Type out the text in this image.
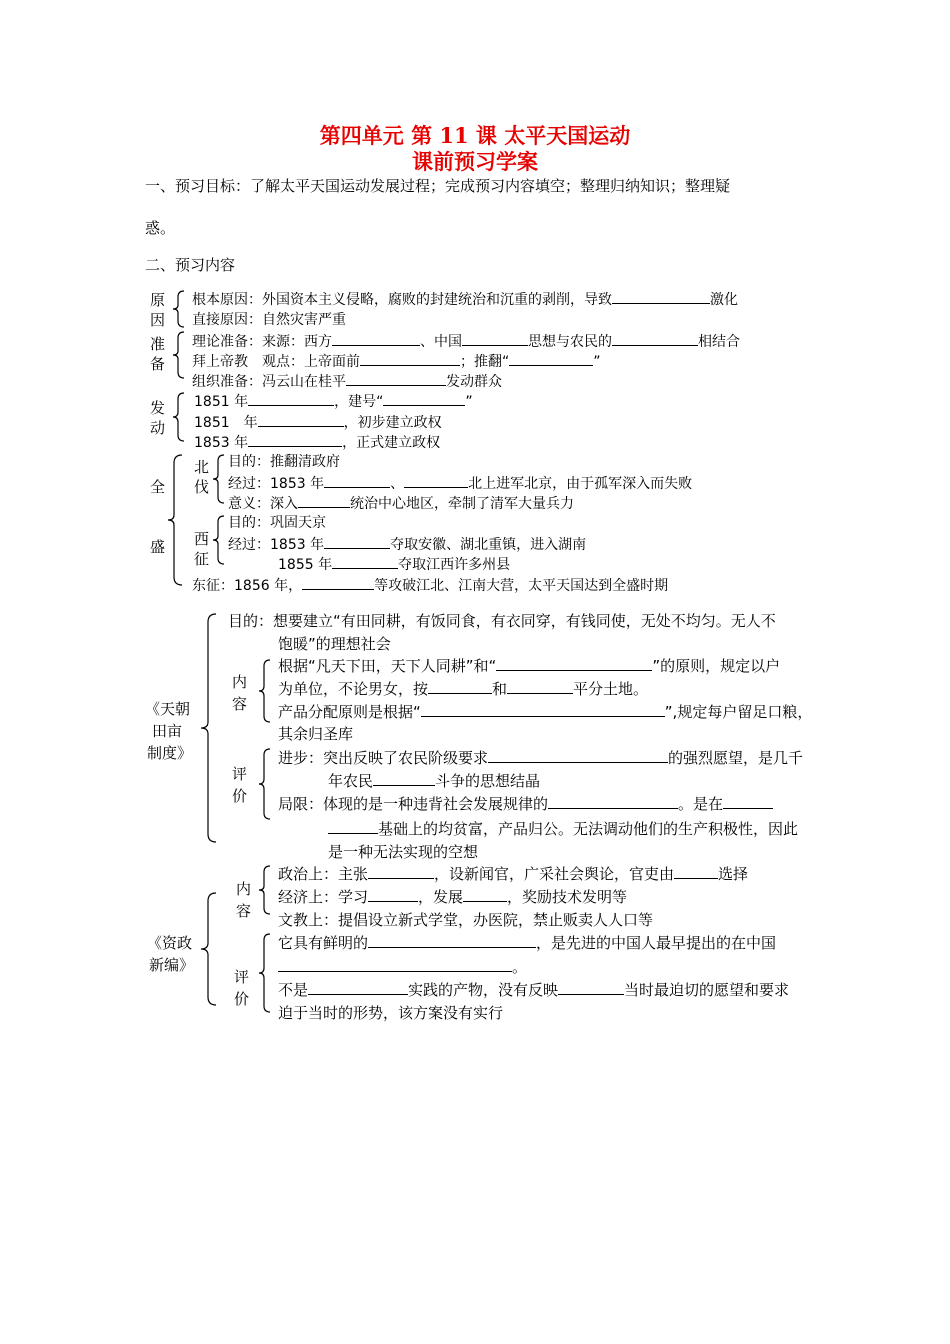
第四单元 第 11 课 太平天国运动
课前预习学案
一、预习目标：了解太平天国运动发展过程；完成预习内容填空；整理归纳知识；整理疑
惑。
二、预习内容
原
因
根本原因：外国资本主义侵略，腐败的封建统治和沉重的剥削，导致	激化
直接原因：自然灾害严重
准
备
理论准备：来源：西方	、中国	思想与农民的	相结合
拜上帝教　观点：上帝面前	；推翻“	”
组织准备：冯云山在桂平	发动群众
发
动
1851 年	，建号“	”
1851　年	，初步建立政权
1853 年	，正式建立政权
全
盛
北
伐
目的：推翻清政府
经过：1853 年	、	北上进军北京，由于孤军深入而失败
意义：深入	统治中心地区，牵制了清军大量兵力
西
征
目的：巩固天京
经过：1853 年	夺取安徽、湖北重镇，进入湖南
1855 年	夺取江西许多州县
东征：1856 年，	等攻破江北、江南大营，太平天国达到全盛时期
《天朝
田亩
制度》
目的：想要建立“有田同耕，有饭同食，有衣同穿，有钱同使，无处不均匀。无人不
饱暖”的理想社会
内
容
根据“凡天下田，天下人同耕”和“	”的原则，规定以户
为单位，不论男女，按	和	平分土地。
产品分配原则是根据“	”,规定每户留足口粮，
其余归圣库
评
价
进步：突出反映了农民阶级要求	的强烈愿望，是几千
年农民	斗争的思想结晶
局限：体现的是一种违背社会发展规律的	。是在
基础上的均贫富，产品归公。无法调动他们的生产积极性，因此
是一种无法实现的空想
《资政
新编》
内
容
政治上：主张	，设新闻官，广采社会舆论，官吏由	选择
经济上：学习	，发展	，奖励技术发明等
文教上：提倡设立新式学堂，办医院，禁止贩卖人人口等
评
价
它具有鲜明的	，是先进的中国人最早提出的在中国
。
不是	实践的产物，没有反映	当时最迫切的愿望和要求
迫于当时的形势，该方案没有实行
